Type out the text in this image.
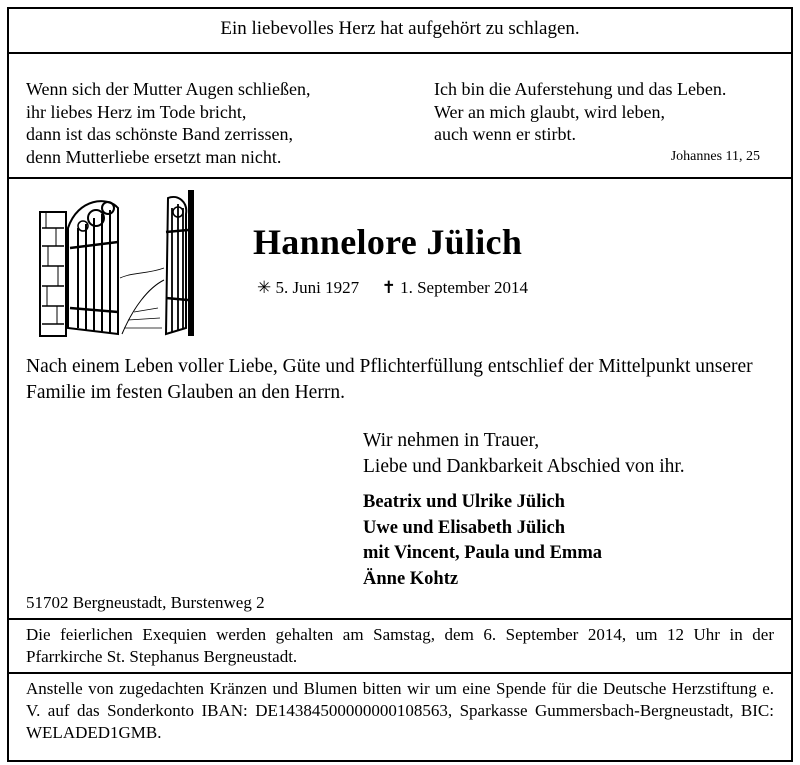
Ein liebevolles Herz hat aufgehört zu schlagen.
Wenn sich der Mutter Augen schließen,
ihr liebes Herz im Tode bricht,
dann ist das schönste Band zerrissen,
denn Mutterliebe ersetzt man nicht.
Ich bin die Auferstehung und das Leben.
Wer an mich glaubt, wird leben,
auch wenn er stirbt.
Johannes 11, 25
Hannelore Jülich
✳ 5. Juni 1927 ✝ 1. September 2014
Nach einem Leben voller Liebe, Güte und Pflichterfüllung entschlief der Mittelpunkt unserer Familie im festen Glauben an den Herrn.
Wir nehmen in Trauer,
Liebe und Dankbarkeit Abschied von ihr.
Beatrix und Ulrike Jülich
Uwe und Elisabeth Jülich
mit Vincent, Paula und Emma
Änne Kohtz
51702 Bergneustadt, Burstenweg 2
Die feierlichen Exequien werden gehalten am Samstag, dem 6. September 2014, um 12 Uhr in der Pfarrkirche St. Stephanus Bergneustadt.
Anstelle von zugedachten Kränzen und Blumen bitten wir um eine Spende für die Deutsche Herzstiftung e. V. auf das Sonderkonto IBAN: DE14384500000000108563, Sparkasse Gummersbach-Bergneustadt, BIC: WELADED1GMB.
